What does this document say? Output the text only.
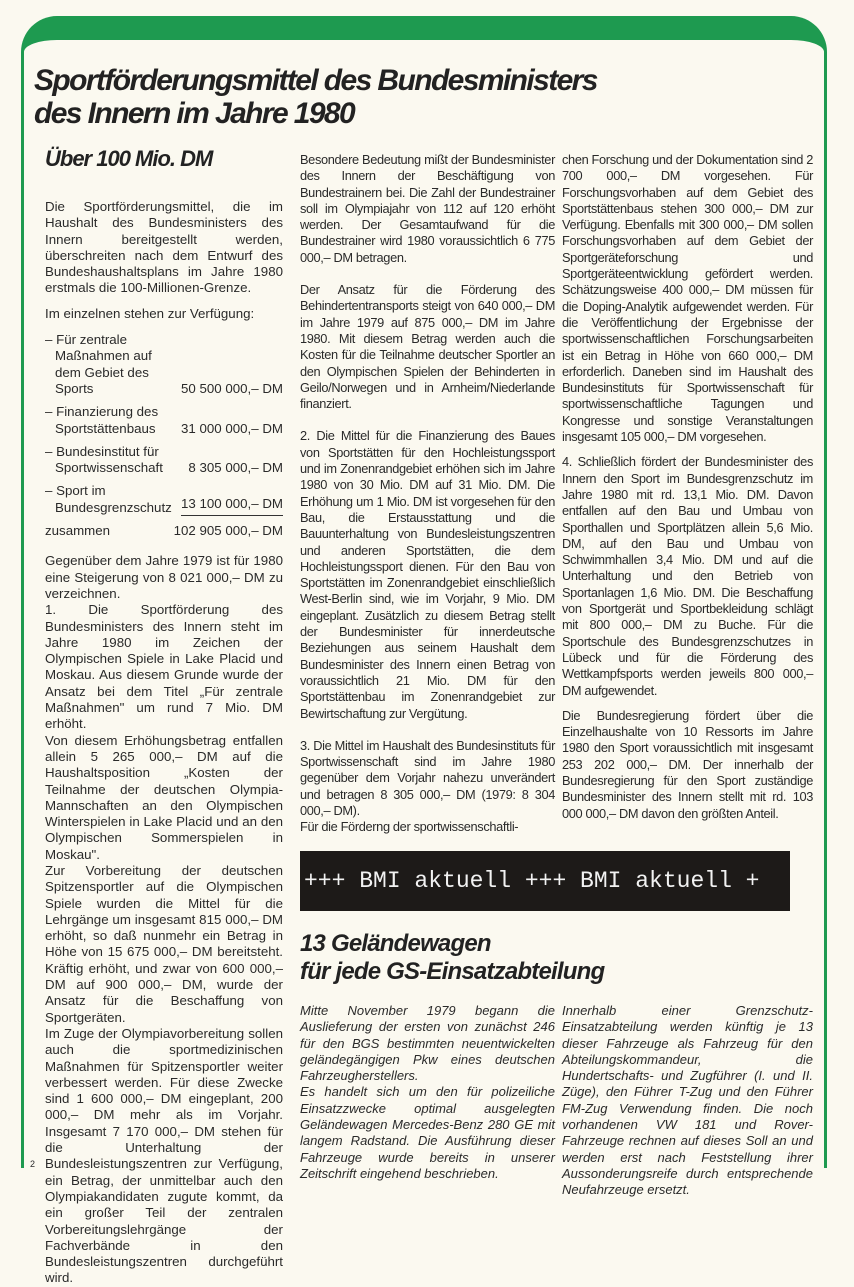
Sportförderungsmittel des Bundesministers
des Innern im Jahre 1980
Über 100 Mio. DM

Die Sportförderungsmittel, die im Haushalt des Bundesministers des Innern bereitgestellt werden, überschreiten nach dem Entwurf des Bundeshaushaltsplans im Jahre 1980 erstmals die 100-Millionen-Grenze.

Im einzelnen stehen zur Verfügung:

– Für zentrale Maßnahmen auf dem Gebiet des Sports	50 500 000,– DM
– Finanzierung des Sportstättenbaus	31 000 000,– DM
– Bundesinstitut für Sportwissenschaft	8 305 000,– DM
– Sport im Bundesgrenzschutz 13 100 000,– DM
zusammen	102 905 000,– DM

Gegenüber dem Jahre 1979 ist für 1980 eine Steigerung von 8 021 000,– DM zu verzeichnen.

1. Die Sportförderung des Bundesministers des Innern steht im Jahre 1980 im Zeichen der Olympischen Spiele in Lake Placid und Moskau. Aus diesem Grunde wurde der Ansatz bei dem Titel „Für zentrale Maßnahmen" um rund 7 Mio. DM erhöht.

Von diesem Erhöhungsbetrag entfallen allein 5 265 000,– DM auf die Haushaltsposition „Kosten der Teilnahme der deutschen Olympia-Mannschaften an den Olympischen Winterspielen in Lake Placid und an den Olympischen Sommerspielen in Moskau".

Zur Vorbereitung der deutschen Spitzensportler auf die Olympischen Spiele wurden die Mittel für die Lehrgänge um insgesamt 815 000,– DM erhöht, so daß nunmehr ein Betrag in Höhe von 15 675 000,– DM bereitsteht. Kräftig erhöht, und zwar von 600 000,– DM auf 900 000,– DM, wurde der Ansatz für die Beschaffung von Sportgeräten.

Im Zuge der Olympiavorbereitung sollen auch die sportmedizinischen Maßnahmen für Spitzensportler weiter verbessert werden. Für diese Zwecke sind 1 600 000,– DM eingeplant, 200 000,– DM mehr als im Vorjahr. Insgesamt 7 170 000,– DM stehen für die Unterhaltung der Bundesleistungszentren zur Verfügung, ein Betrag, der unmittelbar auch den Olympiakandidaten zugute kommt, da ein großer Teil der zentralen Vorbereitungslehrgänge der Fachverbände in den Bundesleistungszentren durchgeführt wird.

Besondere Bedeutung mißt der Bundesminister des Innern der Beschäftigung von Bundestrainern bei. Die Zahl der Bundestrainer soll im Olympiajahr von 112 auf 120 erhöht werden. Der Gesamtaufwand für die Bundestrainer wird 1980 voraussichtlich 6 775 000,– DM betragen.

Der Ansatz für die Förderung des Behindertentransports steigt von 640 000,– DM im Jahre 1979 auf 875 000,– DM im Jahre 1980. Mit diesem Betrag werden auch die Kosten für die Teilnahme deutscher Sportler an den Olympischen Spielen der Behinderten in Geilo/Norwegen und in Arnheim/Niederlande finanziert.

2. Die Mittel für die Finanzierung des Baues von Sportstätten für den Hochleistungssport und im Zonenrandgebiet erhöhen sich im Jahre 1980 von 30 Mio. DM auf 31 Mio. DM. Die Erhöhung um 1 Mio. DM ist vorgesehen für den Bau, die Erstausstattung und die Bauunterhaltung von Bundesleistungszentren und anderen Sportstätten, die dem Hochleistungssport dienen. Für den Bau von Sportstätten im Zonenrandgebiet einschließlich West-Berlin sind, wie im Vorjahr, 9 Mio. DM eingeplant. Zusätzlich zu diesem Betrag stellt der Bundesminister für innerdeutsche Beziehungen aus seinem Haushalt dem Bundesminister des Innern einen Betrag von voraussichtlich 21 Mio. DM für den Sportstättenbau im Zonenrandgebiet zur Bewirtschaftung zur Vergütung.

3. Die Mittel im Haushalt des Bundesinstituts für Sportwissenschaft sind im Jahre 1980 gegenüber dem Vorjahr nahezu unverändert und betragen 8 305 000,– DM (1979: 8 304 000,– DM).

Für die Förderng der sportwissenschaftli-

chen Forschung und der Dokumentation sind 2 700 000,– DM vorgesehen. Für Forschungsvorhaben auf dem Gebiet des Sportstättenbaus stehen 300 000,– DM zur Verfügung. Ebenfalls mit 300 000,– DM sollen Forschungsvorhaben auf dem Gebiet der Sportgeräteforschung und Sportgeräteentwicklung gefördert werden. Schätzungsweise 400 000,– DM müssen für die Doping-Analytik aufgewendet werden. Für die Veröffentlichung der Ergebnisse der sportwissenschaftlichen Forschungsarbeiten ist ein Betrag in Höhe von 660 000,– DM erforderlich. Daneben sind im Haushalt des Bundesinstituts für Sportwissenschaft für sportwissenschaftliche Tagungen und Kongresse und sonstige Veranstaltungen insgesamt 105 000,– DM vorgesehen.

4. Schließlich fördert der Bundesminister des Innern den Sport im Bundesgrenzschutz im Jahre 1980 mit rd. 13,1 Mio. DM. Davon entfallen auf den Bau und Umbau von Sporthallen und Sportplätzen allein 5,6 Mio. DM, auf den Bau und Umbau von Schwimmhallen 3,4 Mio. DM und auf die Unterhaltung und den Betrieb von Sportanlagen 1,6 Mio. DM. Die Beschaffung von Sportgerät und Sportbekleidung schlägt mit 800 000,– DM zu Buche. Für die Sportschule des Bundesgrenzschutzes in Lübeck und für die Förderung des Wettkampfsports werden jeweils 800 000,– DM aufgewendet.

Die Bundesregierung fördert über die Einzelhaushalte von 10 Ressorts im Jahre 1980 den Sport voraussichtlich mit insgesamt 253 202 000,– DM. Der innerhalb der Bundesregierung für den Sport zuständige Bundesminister des Innern stellt mit rd. 103 000 000,– DM davon den größten Anteil.

+++ BMI aktuell +++ BMI aktuell +
13 Geländewagen
für jede GS-Einsatzabteilung

Mitte November 1979 begann die Auslieferung der ersten von zunächst 246 für den BGS bestimmten neuentwickelten geländegängigen Pkw eines deutschen Fahrzeugherstellers.

Es handelt sich um den für polizeiliche Einsatzzwecke optimal ausgelegten Geländewagen Mercedes-Benz 280 GE mit langem Radstand. Die Ausführung dieser Fahrzeuge wurde bereits in unserer Zeitschrift eingehend beschrieben.

Innerhalb einer Grenzschutz-Einsatzabteilung werden künftig je 13 dieser Fahrzeuge als Fahrzeug für den Abteilungskommandeur, die Hundertschafts- und Zugführer (I. und II. Züge), den Führer T-Zug und den Führer FM-Zug Verwendung finden. Die noch vorhandenen VW 181 und Rover-Fahrzeuge rechnen auf dieses Soll an und werden erst nach Feststellung ihrer Aussonderungsreife durch entsprechende Neufahrzeuge ersetzt.

2
